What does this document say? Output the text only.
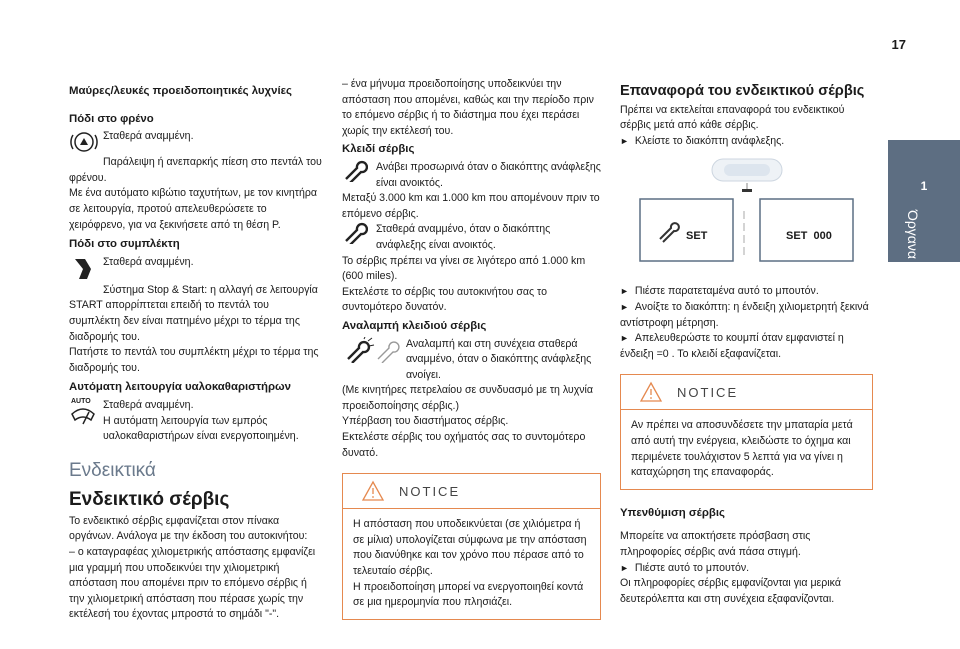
17
1
Όργανα
Μαύρες/λευκές προειδοποιητικές λυχνίες
Πόδι στο φρένο

Σταθερά αναμμένη.

Παράλειψη ή ανεπαρκής πίεση στο πεντάλ του φρένου.

Με ένα αυτόματο κιβώτιο ταχυτήτων, με τον κινητήρα σε λειτουργία, προτού απελευθερώσετε το χειρόφρενο, για να ξεκινήσετε από τη θέση P.

Πόδι στο συμπλέκτη

Σταθερά αναμμένη.

Σύστημα Stop & Start: η αλλαγή σε λειτουργία START απορρίπτεται επειδή το πεντάλ του συμπλέκτη δεν είναι πατημένο μέχρι το τέρμα της διαδρομής του.

Πατήστε το πεντάλ του συμπλέκτη μέχρι το τέρμα της διαδρομής του.

Αυτόματη λειτουργία υαλοκαθαριστήρων
AUTO	Σταθερά αναμμένη.

Η αυτόματη λειτουργία των εμπρός υαλοκαθαριστήρων είναι ενεργοποιημένη.

Ενδεικτικά
Ενδεικτικό σέρβις

Το ενδεικτικό σέρβις εμφανίζεται στον πίνακα οργάνων. Ανάλογα με την έκδοση του αυτοκινήτου:

– ο καταγραφέας χιλιομετρικής απόστασης εμφανίζει μια γραμμή που υποδεικνύει την χιλιομετρική απόσταση που απομένει πριν το επόμενο σέρβις ή την χιλιομετρική απόσταση που πέρασε χωρίς την εκτέλεσή του έχοντας μπροστά το σημάδι "-".

– ένα μήνυμα προειδοποίησης υποδεικνύει την απόσταση που απομένει, καθώς και την περίοδο πριν το επόμενο σέρβις ή το διάστημα που έχει περάσει χωρίς την εκτέλεσή του.

Κλειδί σέρβις

Ανάβει προσωρινά όταν ο διακόπτης ανάφλεξης είναι ανοικτός.

Μεταξύ 3.000 km και 1.000 km που απομένουν πριν το επόμενο σέρβις.

Σταθερά αναμμένο, όταν ο διακόπτης ανάφλεξης είναι ανοικτός.

Το σέρβις πρέπει να γίνει σε λιγότερο από 1.000 km (600 miles).

Εκτελέστε το σέρβις του αυτοκινήτου σας το συντομότερο δυνατόν.

Αναλαμπή κλειδιού σέρβις

Αναλαμπή και στη συνέχεια σταθερά αναμμένο, όταν ο διακόπτης ανάφλεξης ανοίγει.

(Με κινητήρες πετρελαίου σε συνδυασμό με τη λυχνία προειδοποίησης σέρβις.)

Υπέρβαση του διαστήματος σέρβις.

Εκτελέστε σέρβις του οχήματός σας το συντομότερο δυνατό.

NOTICE

Η απόσταση που υποδεικνύεται (σε χιλιόμετρα ή σε μίλια) υπολογίζεται σύμφωνα με την απόσταση που διανύθηκε και τον χρόνο που πέρασε από το τελευταίο σέρβις.

Η προειδοποίηση μπορεί να ενεργοποιηθεί κοντά σε μια ημερομηνία που πλησιάζει.

Επαναφορά του ενδεικτικού σέρβις

Πρέπει να εκτελείται επαναφορά του ενδεικτικού σέρβις μετά από κάθε σέρβις.

► Κλείστε το διακόπτη ανάφλεξης.

SET	SET  000

► Πιέστε παρατεταμένα αυτό το μπουτόν.

► Ανοίξτε το διακόπτη: η ένδειξη χιλιομετρητή ξεκινά αντίστροφη μέτρηση.

► Απελευθερώστε το κουμπί όταν εμφανιστεί η ένδειξη =0 . Το κλειδί εξαφανίζεται.

NOTICE

Αν πρέπει να αποσυνδέσετε την μπαταρία μετά από αυτή την ενέργεια, κλειδώστε το όχημα και περιμένετε τουλάχιστον 5 λεπτά για να γίνει η καταχώρηση της επαναφοράς.

Υπενθύμιση σέρβις

Μπορείτε να αποκτήσετε πρόσβαση στις πληροφορίες σέρβις ανά πάσα στιγμή.

► Πιέστε αυτό το μπουτόν.

Οι πληροφορίες σέρβις εμφανίζονται για μερικά δευτερόλεπτα και στη συνέχεια εξαφανίζονται.
